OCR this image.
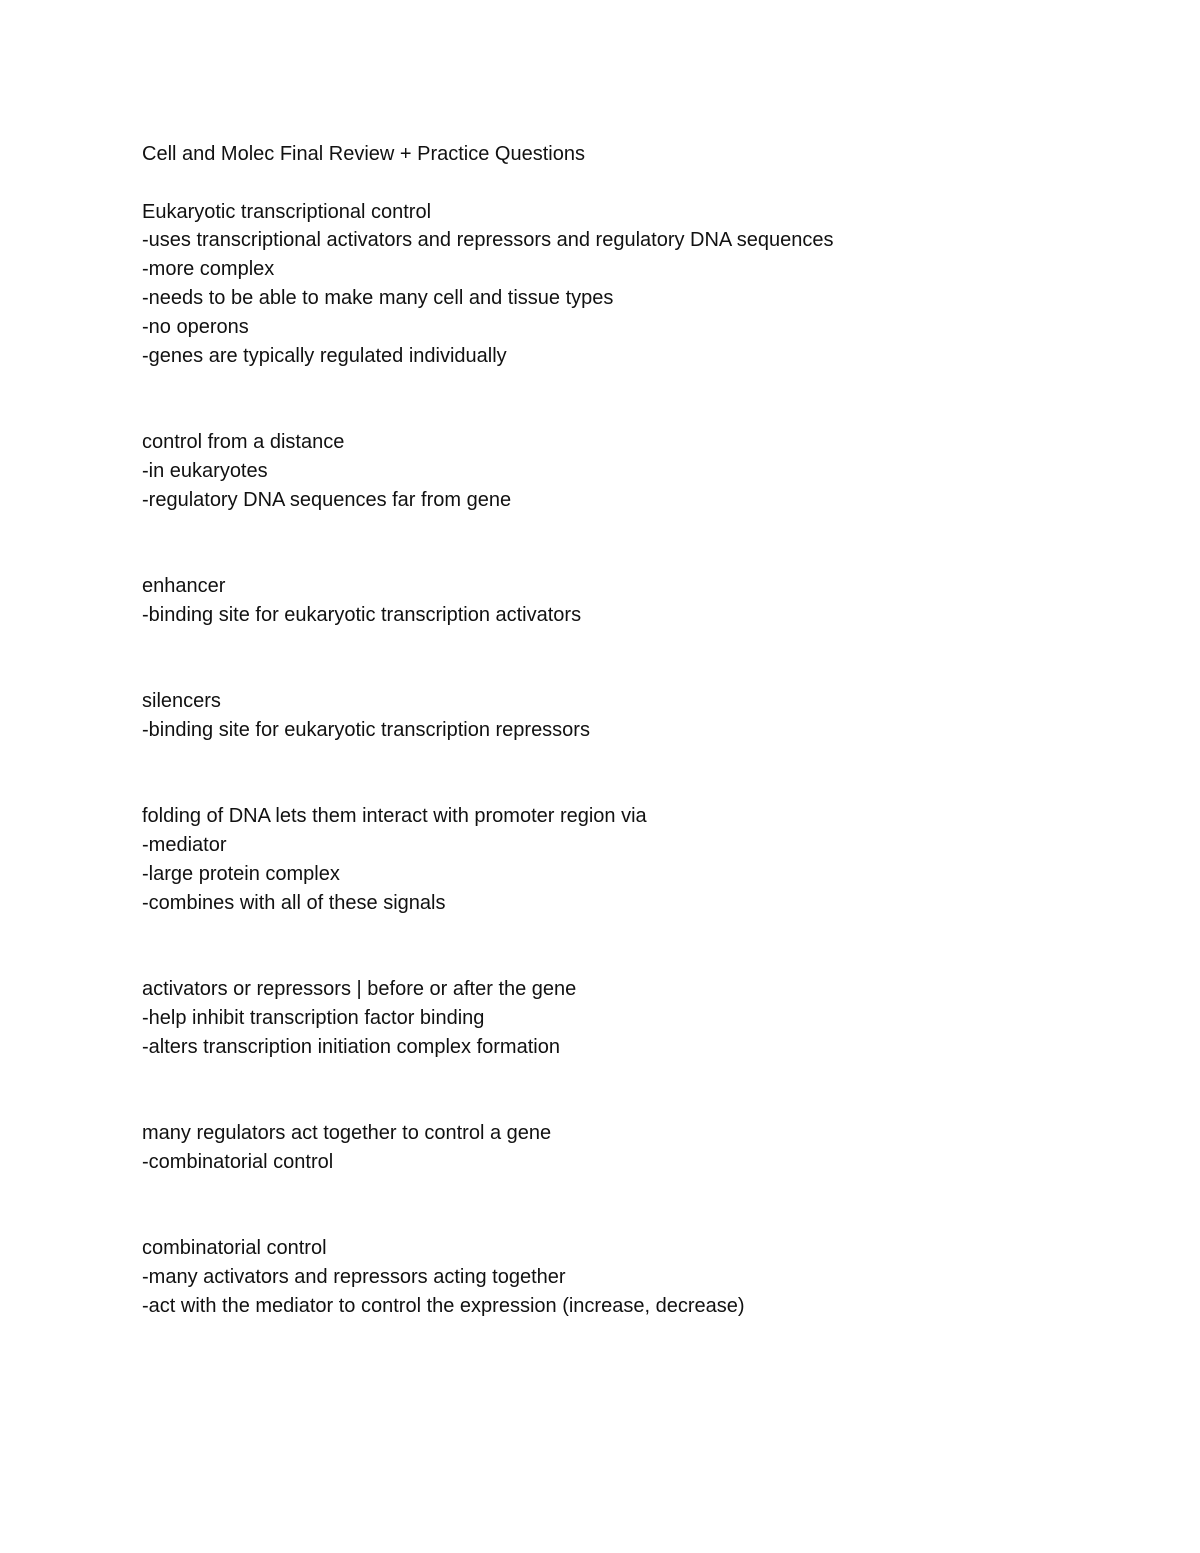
Cell and Molec Final Review + Practice Questions

Eukaryotic transcriptional control

-uses transcriptional activators and repressors and regulatory DNA sequences

-more complex

-needs to be able to make many cell and tissue types

-no operons

-genes are typically regulated individually

control from a distance

-in eukaryotes

-regulatory DNA sequences far from gene

enhancer

-binding site for eukaryotic transcription activators

silencers

-binding site for eukaryotic transcription repressors

folding of DNA lets them interact with promoter region via

-mediator

-large protein complex

-combines with all of these signals

activators or repressors | before or after the gene

-help inhibit transcription factor binding

-alters transcription initiation complex formation

many regulators act together to control a gene

-combinatorial control

combinatorial control

-many activators and repressors acting together

-act with the mediator to control the expression (increase, decrease)
